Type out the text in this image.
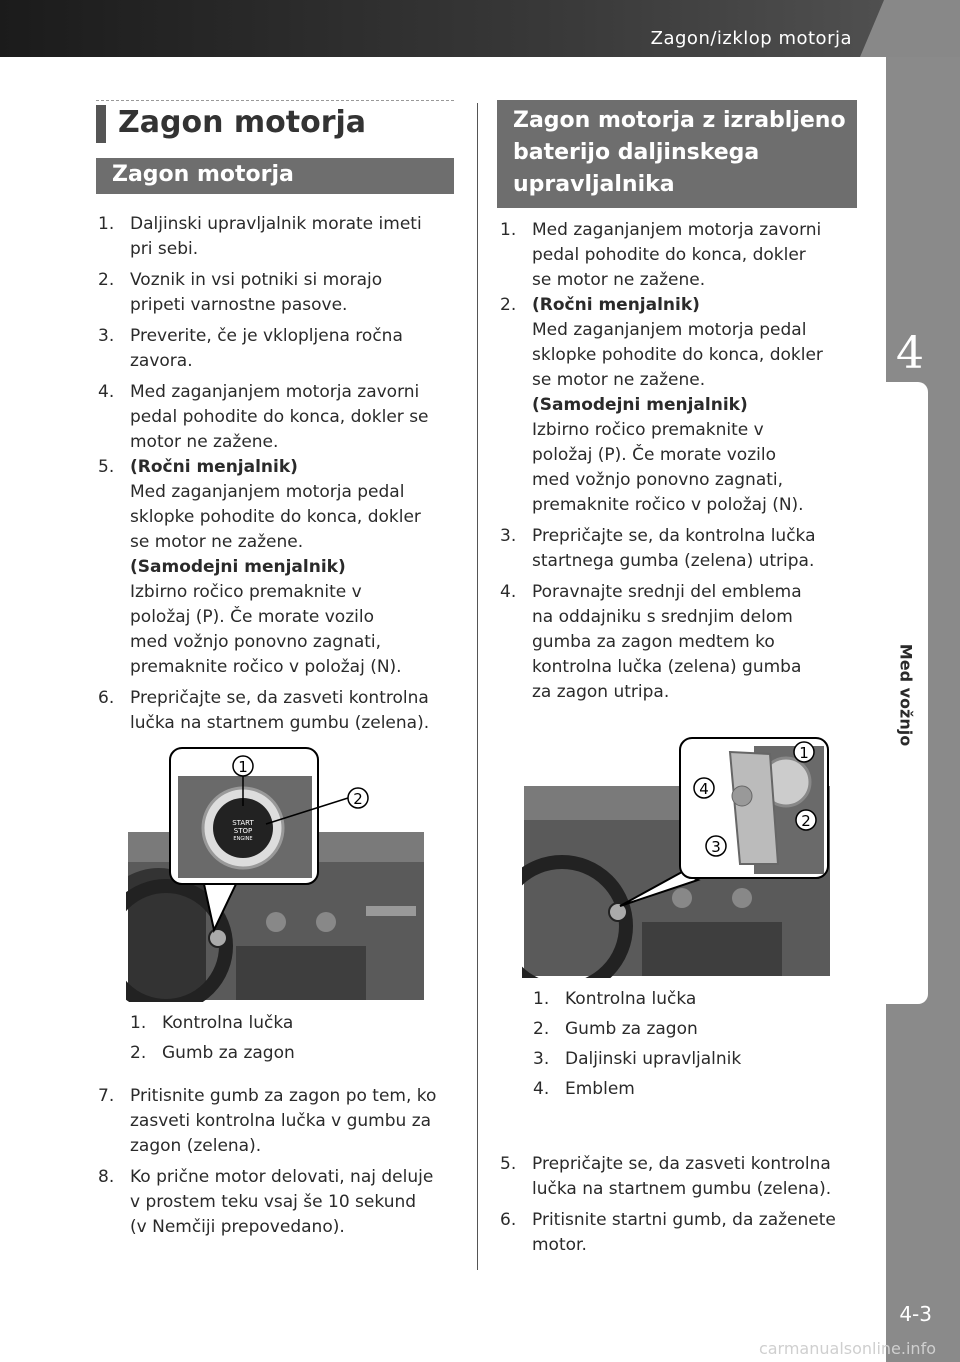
Zagon/izklop motorja
4
Med vožnjo
4-3
carmanualsonline.info
Zagon motorja
Zagon motorja
1. Daljinski upravljalnik morate imeti
pri sebi.
2. Voznik in vsi potniki si morajo
pripeti varnostne pasove.
3. Preverite, če je vklopljena ročna
zavora.
4. Med zaganjanjem motorja zavorni
pedal pohodite do konca, dokler se
motor ne zažene.
5. (Ročni menjalnik)
Med zaganjanjem motorja pedal
sklopke pohodite do konca, dokler
se motor ne zažene.
(Samodejni menjalnik)
Izbirno ročico premaknite v
položaj (P). Če morate vozilo
med vožnjo ponovno zagnati,
premaknite ročico v položaj (N).
6. Prepričajte se, da zasveti kontrolna
lučka na startnem gumbu (zelena).
START
STOP
ENGINE
1
2
1. Kontrolna lučka
2. Gumb za zagon
7. Pritisnite gumb za zagon po tem, ko
zasveti kontrolna lučka v gumbu za
zagon (zelena).
8. Ko prične motor delovati, naj deluje
v prostem teku vsaj še 10 sekund
(v Nemčiji prepovedano).
Zagon motorja z izrabljeno
baterijo daljinskega
upravljalnika
1. Med zaganjanjem motorja zavorni
pedal pohodite do konca, dokler
se motor ne zažene.
2. (Ročni menjalnik)
Med zaganjanjem motorja pedal
sklopke pohodite do konca, dokler
se motor ne zažene.
(Samodejni menjalnik)
Izbirno ročico premaknite v
položaj (P). Če morate vozilo
med vožnjo ponovno zagnati,
premaknite ročico v položaj (N).
3. Prepričajte se, da kontrolna lučka
startnega gumba (zelena) utripa.
4. Poravnajte srednji del emblema
na oddajniku s srednjim delom
gumba za zagon medtem ko
kontrolna lučka (zelena) gumba
za zagon utripa.
1
2
3
4
1. Kontrolna lučka
2. Gumb za zagon
3. Daljinski upravljalnik
4. Emblem
5. Prepričajte se, da zasveti kontrolna
lučka na startnem gumbu (zelena).
6. Pritisnite startni gumb, da zaženete
motor.
